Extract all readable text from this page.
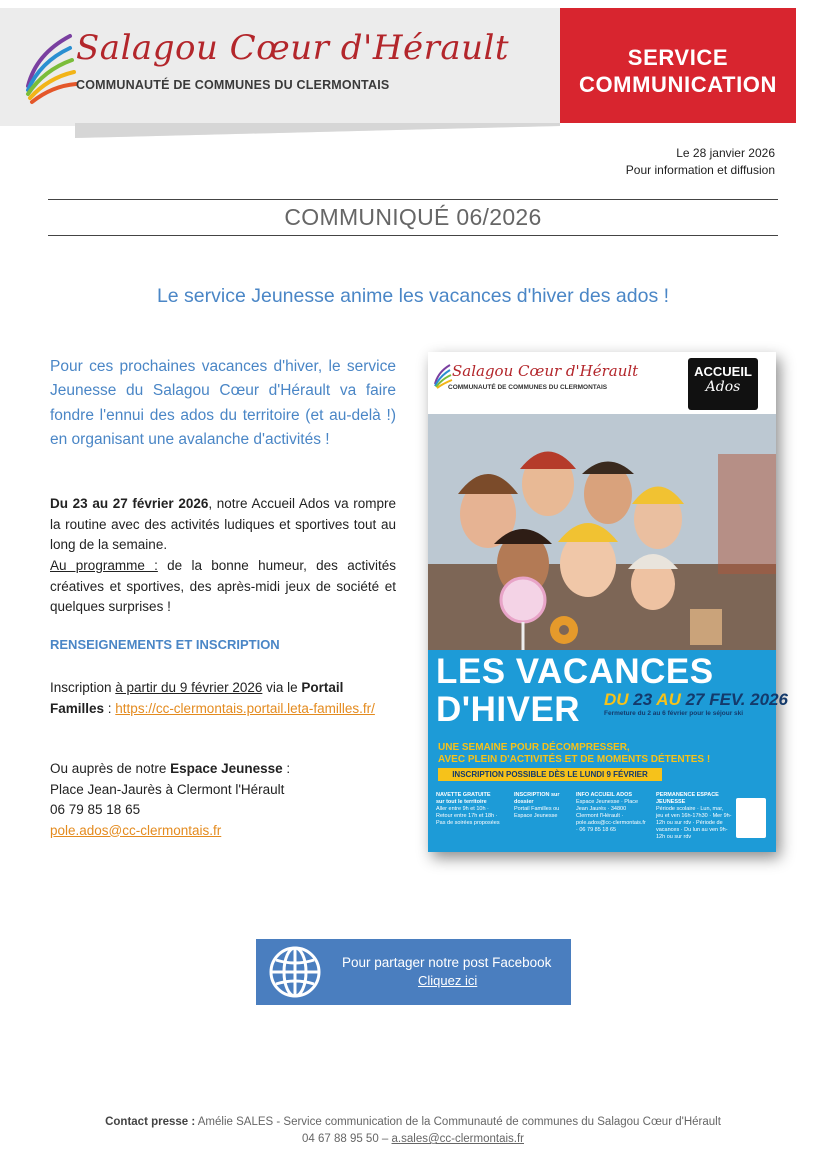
Salagou Cœur d'Hérault
COMMUNAUTÉ DE COMMUNES DU CLERMONTAIS
SERVICE
COMMUNICATION
Le 28 janvier 2026
Pour information et diffusion
COMMUNIQUÉ 06/2026
Le service Jeunesse anime les vacances d'hiver des ados !
Pour ces prochaines vacances d'hiver, le service Jeunesse du Salagou Cœur d'Hérault va faire fondre l'ennui des ados du territoire (et au-delà !) en organisant une avalanche d'activités !
Du 23 au 27 février 2026, notre Accueil Ados va rompre la routine avec des activités ludiques et sportives tout au long de la semaine.
Au programme : de la bonne humeur, des activités créatives et sportives, des après-midi jeux de société et quelques surprises !
RENSEIGNEMENTS ET INSCRIPTION
Inscription à partir du 9 février 2026 via le Portail Familles : https://cc-clermontais.portail.leta-familles.fr/
Ou auprès de notre Espace Jeunesse :
Place Jean-Jaurès à Clermont l'Hérault
06 79 85 18 65
pole.ados@cc-clermontais.fr
Salagou Cœur d'Hérault
COMMUNAUTÉ DE COMMUNES DU CLERMONTAIS
ACCUEIL
Ados
LES VACANCES
D'HIVER DU 23 AU 27 FEV. 2026
Fermeture du 2 au 6 février pour le séjour ski
UNE SEMAINE POUR DÉCOMPRESSER,
AVEC PLEIN D'ACTIVITÉS ET DE MOMENTS DÉTENTES !
INSCRIPTION POSSIBLE DÈS LE LUNDI 9 FÉVRIER
NAVETTE GRATUITE sur tout le territoire
Aller entre 9h et 10h · Retour entre 17h et 18h · Pas de soirées proposées
INSCRIPTION sur dossier
Portail Familles ou Espace Jeunesse
INFO ACCUEIL ADOS
Espace Jeunesse · Place Jean Jaurès · 34800 Clermont l'Hérault · pole.ados@cc-clermontais.fr · 06 79 85 18 65
PERMANENCE ESPACE JEUNESSE
Période scolaire · Lun, mar, jeu et ven 16h-17h30 · Mer 9h-12h ou sur rdv · Période de vacances · Du lun au ven 9h-12h ou sur rdv
Pour partager notre post Facebook
Cliquez ici
Contact presse : Amélie SALES - Service communication de la Communauté de communes du Salagou Cœur d'Hérault
04 67 88 95 50 – a.sales@cc-clermontais.fr
